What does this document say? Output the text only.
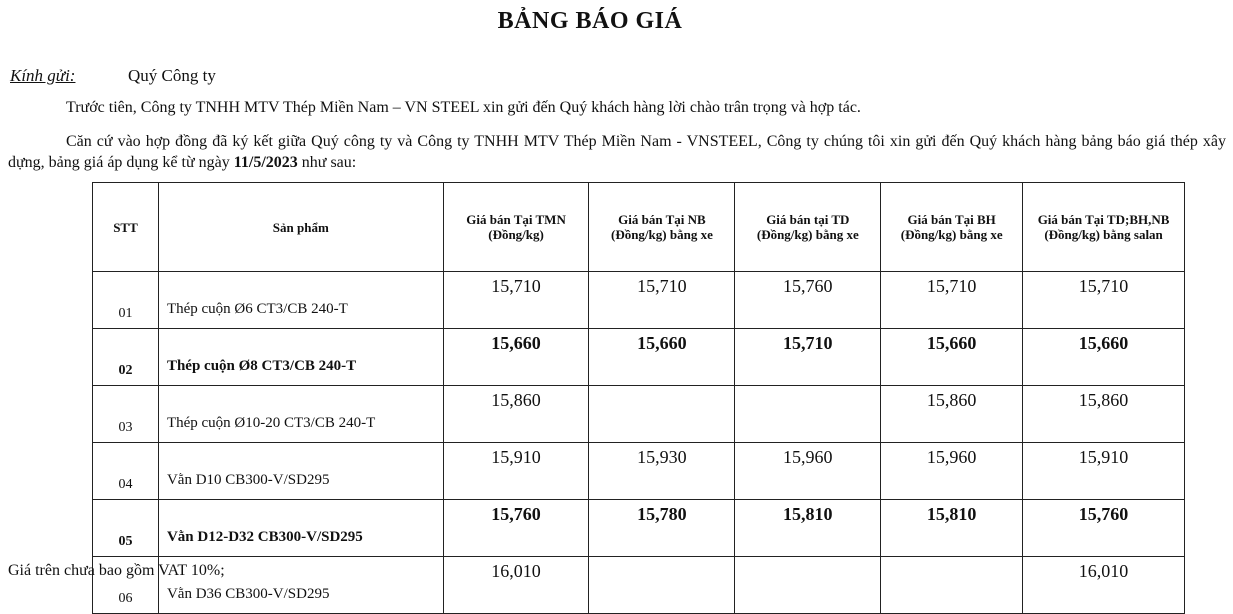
BẢNG BÁO GIÁ
Kính gửi:	Quý Công ty
Trước tiên, Công ty TNHH MTV Thép Miền Nam – VN STEEL xin gửi đến Quý khách hàng lời chào trân trọng và hợp tác.
Căn cứ vào hợp đồng đã ký kết giữa Quý công ty và Công ty TNHH MTV Thép Miền Nam - VNSTEEL, Công ty chúng tôi xin gửi đến Quý khách hàng bảng báo giá thép xây dựng, bảng giá áp dụng kể từ ngày 11/5/2023 như sau:
STT	Sản phẩm	Giá bán Tại TMN (Đồng/kg)	Giá bán Tại NB (Đồng/kg) bằng xe	Giá bán tại TD (Đồng/kg) bằng xe	Giá bán Tại BH (Đồng/kg) bằng xe	Giá bán Tại TD;BH,NB (Đồng/kg) bằng salan
01	Thép cuộn Ø6 CT3/CB 240-T	15,710	15,710	15,760	15,710	15,710
02	Thép cuộn Ø8 CT3/CB 240-T	15,660	15,660	15,710	15,660	15,660
03	Thép cuộn Ø10-20 CT3/CB 240-T	15,860			15,860	15,860
04	Vằn D10 CB300-V/SD295	15,910	15,930	15,960	15,960	15,910
05	Vằn D12-D32 CB300-V/SD295	15,760	15,780	15,810	15,810	15,760
06	Vằn D36 CB300-V/SD295	16,010				16,010
Giá trên chưa bao gồm VAT 10%;
